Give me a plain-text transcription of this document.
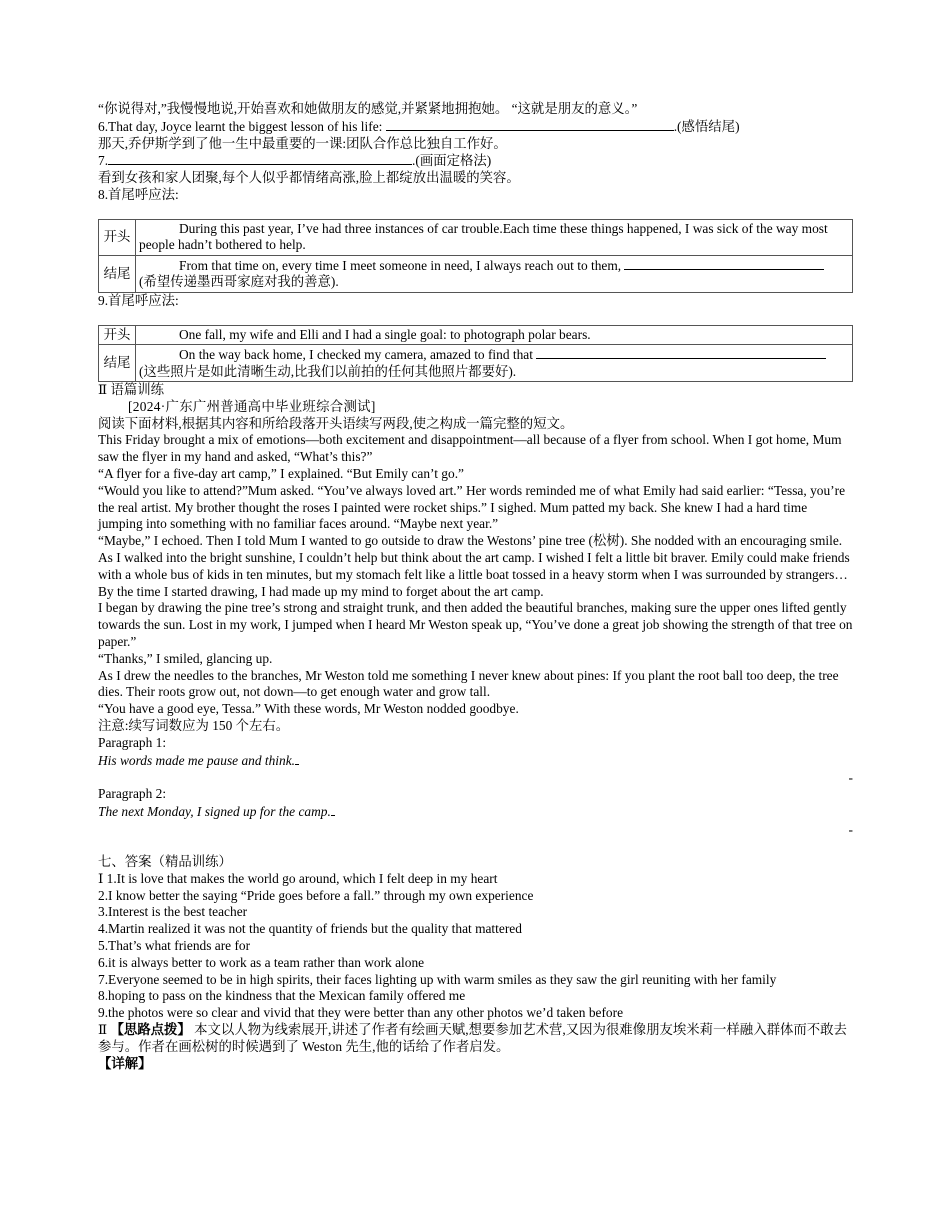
“你说得对,”我慢慢地说,开始喜欢和她做朋友的感觉,并紧紧地拥抱她。 “这就是朋友的意义。”

6.That day, Joyce learnt the biggest lesson of his life:	.(感悟结尾)

那天,乔伊斯学到了他一生中最重要的一课:团队合作总比独自工作好。

7.	.(画面定格法)

看到女孩和家人团聚,每个人似乎都情绪高涨,脸上都绽放出温暖的笑容。

8.首尾呼应法:

开头	During this past year, I’ve had three instances of car trouble.Each time these things happened, I was sick of the way most people hadn’t bothered to help.
结尾	From that time on, every time I meet someone in need, I always reach out to them,
(希望传递墨西哥家庭对我的善意).

9.首尾呼应法:

开头	One fall, my wife and Elli and I had a single goal: to photograph polar bears.
结尾	On the way back home, I checked my camera, amazed to find that
(这些照片是如此清晰生动,比我们以前拍的任何其他照片都要好).

Ⅱ 语篇训练

[2024·广东广州普通高中毕业班综合测试]

阅读下面材料,根据其内容和所给段落开头语续写两段,使之构成一篇完整的短文。

This Friday brought a mix of emotions—both excitement and disappointment—all because of a flyer from school. When I got home, Mum saw the flyer in my hand and asked, “What’s this?”

“A flyer for a five-day art camp,” I explained. “But Emily can’t go.”

“Would you like to attend?”Mum asked. “You’ve always loved art.” Her words reminded me of what Emily had said earlier: “Tessa, you’re the real artist. My brother thought the roses I painted were rocket ships.” I sighed. Mum patted my back. She knew I had a hard time jumping into something with no familiar faces around. “Maybe next year.”

“Maybe,” I echoed. Then I told Mum I wanted to go outside to draw the Westons’ pine tree (松树). She nodded with an encouraging smile.

As I walked into the bright sunshine, I couldn’t help but think about the art camp. I wished I felt a little bit braver. Emily could make friends with a whole bus of kids in ten minutes, but my stomach felt like a little boat tossed in a heavy storm when I was surrounded by strangers…By the time I started drawing, I had made up my mind to forget about the art camp.

I began by drawing the pine tree’s strong and straight trunk, and then added the beautiful branches, making sure the upper ones lifted gently towards the sun. Lost in my work, I jumped when I heard Mr Weston speak up, “You’ve done a great job showing the strength of that tree on paper.”

“Thanks,” I smiled, glancing up.

As I drew the needles to the branches, Mr Weston told me something I never knew about pines: If you plant the root ball too deep, the tree dies. Their roots grow out, not down—to get enough water and grow tall.

“You have a good eye, Tessa.” With these words, Mr Weston nodded goodbye.

注意:续写词数应为 150 个左右。

Paragraph 1:

His words made me pause and think.

-

Paragraph 2:

The next Monday, I signed up for the camp.

-

七、答案（精品训练）

Ⅰ 1.It is love that makes the world go around, which I felt deep in my heart

2.I know better the saying “Pride goes before a fall.” through my own experience

3.Interest is the best teacher

4.Martin realized it was not the quantity of friends but the quality that mattered

5.That’s what friends are for

6.it is always better to work as a team rather than work alone

7.Everyone seemed to be in high spirits, their faces lighting up with warm smiles as they saw the girl reuniting with her family

8.hoping to pass on the kindness that the Mexican family offered me

9.the photos were so clear and vivid that they were better than any other photos we’d taken before

Ⅱ 【思路点拨】 本文以人物为线索展开,讲述了作者有绘画天赋,想要参加艺术营,又因为很难像朋友埃米莉一样融入群体而不敢去参与。作者在画松树的时候遇到了 Weston 先生,他的话给了作者启发。

【详解】
